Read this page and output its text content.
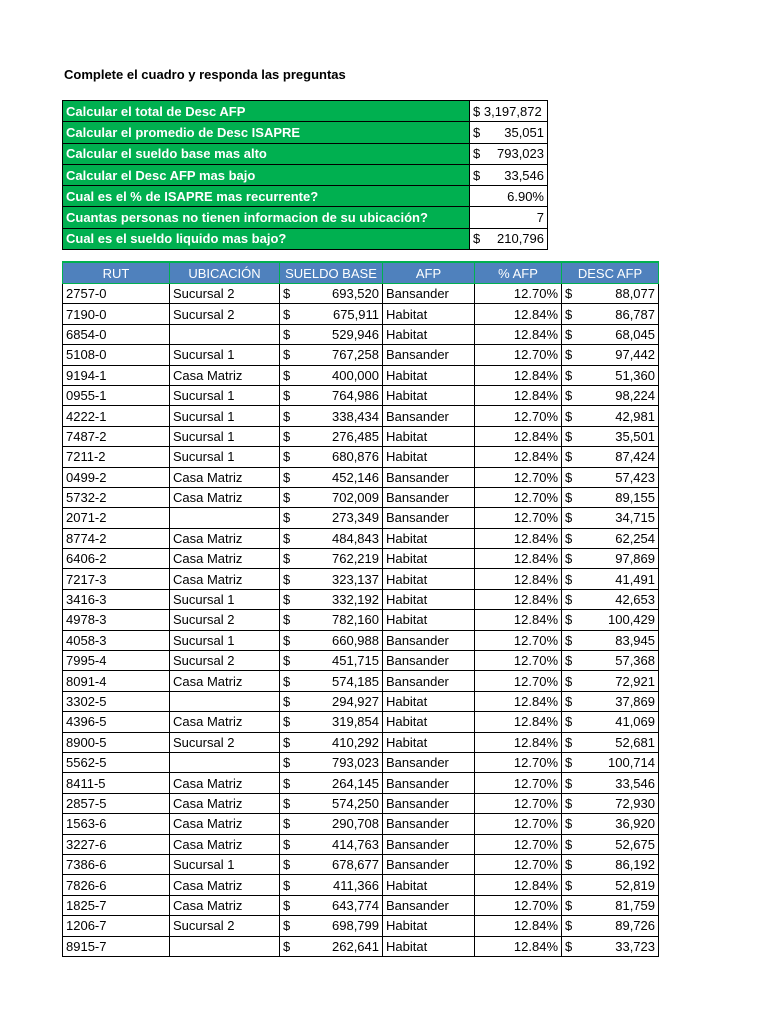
Complete el cuadro y responda las preguntas
Calcular el total de Desc AFP	$ 3,197,872

Calcular el promedio de Desc ISAPRE	$ 35,051

Calcular el sueldo base mas alto	$ 793,023

Calcular el Desc AFP mas bajo	$ 33,546

Cual es el % de ISAPRE mas recurrente?	6.90%

Cuantas personas no tienen informacion de su ubicación?	7

Cual es el sueldo liquido mas bajo?	$ 210,796
RUT	UBICACIÓN	SUELDO BASE	AFP	% AFP	DESC AFP
2757-0	Sucursal 2	$ 693,520	Bansander	12.70%	$ 88,077

7190-0	Sucursal 2	$ 675,911	Habitat	12.84%	$ 86,787

6854-0		$ 529,946	Habitat	12.84%	$ 68,045

5108-0	Sucursal 1	$ 767,258	Bansander	12.70%	$ 97,442

9194-1	Casa Matriz	$ 400,000	Habitat	12.84%	$ 51,360

0955-1	Sucursal 1	$ 764,986	Habitat	12.84%	$ 98,224

4222-1	Sucursal 1	$ 338,434	Bansander	12.70%	$ 42,981

7487-2	Sucursal 1	$ 276,485	Habitat	12.84%	$ 35,501

7211-2	Sucursal 1	$ 680,876	Habitat	12.84%	$ 87,424

0499-2	Casa Matriz	$ 452,146	Bansander	12.70%	$ 57,423

5732-2	Casa Matriz	$ 702,009	Bansander	12.70%	$ 89,155

2071-2		$ 273,349	Bansander	12.70%	$ 34,715

8774-2	Casa Matriz	$ 484,843	Habitat	12.84%	$ 62,254

6406-2	Casa Matriz	$ 762,219	Habitat	12.84%	$ 97,869

7217-3	Casa Matriz	$ 323,137	Habitat	12.84%	$ 41,491

3416-3	Sucursal 1	$ 332,192	Habitat	12.84%	$ 42,653

4978-3	Sucursal 2	$ 782,160	Habitat	12.84%	$ 100,429

4058-3	Sucursal 1	$ 660,988	Bansander	12.70%	$ 83,945

7995-4	Sucursal 2	$ 451,715	Bansander	12.70%	$ 57,368

8091-4	Casa Matriz	$ 574,185	Bansander	12.70%	$ 72,921

3302-5		$ 294,927	Habitat	12.84%	$ 37,869

4396-5	Casa Matriz	$ 319,854	Habitat	12.84%	$ 41,069

8900-5	Sucursal 2	$ 410,292	Habitat	12.84%	$ 52,681

5562-5		$ 793,023	Bansander	12.70%	$ 100,714

8411-5	Casa Matriz	$ 264,145	Bansander	12.70%	$ 33,546

2857-5	Casa Matriz	$ 574,250	Bansander	12.70%	$ 72,930

1563-6	Casa Matriz	$ 290,708	Bansander	12.70%	$ 36,920

3227-6	Casa Matriz	$ 414,763	Bansander	12.70%	$ 52,675

7386-6	Sucursal 1	$ 678,677	Bansander	12.70%	$ 86,192

7826-6	Casa Matriz	$ 411,366	Habitat	12.84%	$ 52,819

1825-7	Casa Matriz	$ 643,774	Bansander	12.70%	$ 81,759

1206-7	Sucursal 2	$ 698,799	Habitat	12.84%	$ 89,726

8915-7		$ 262,641	Habitat	12.84%	$ 33,723
